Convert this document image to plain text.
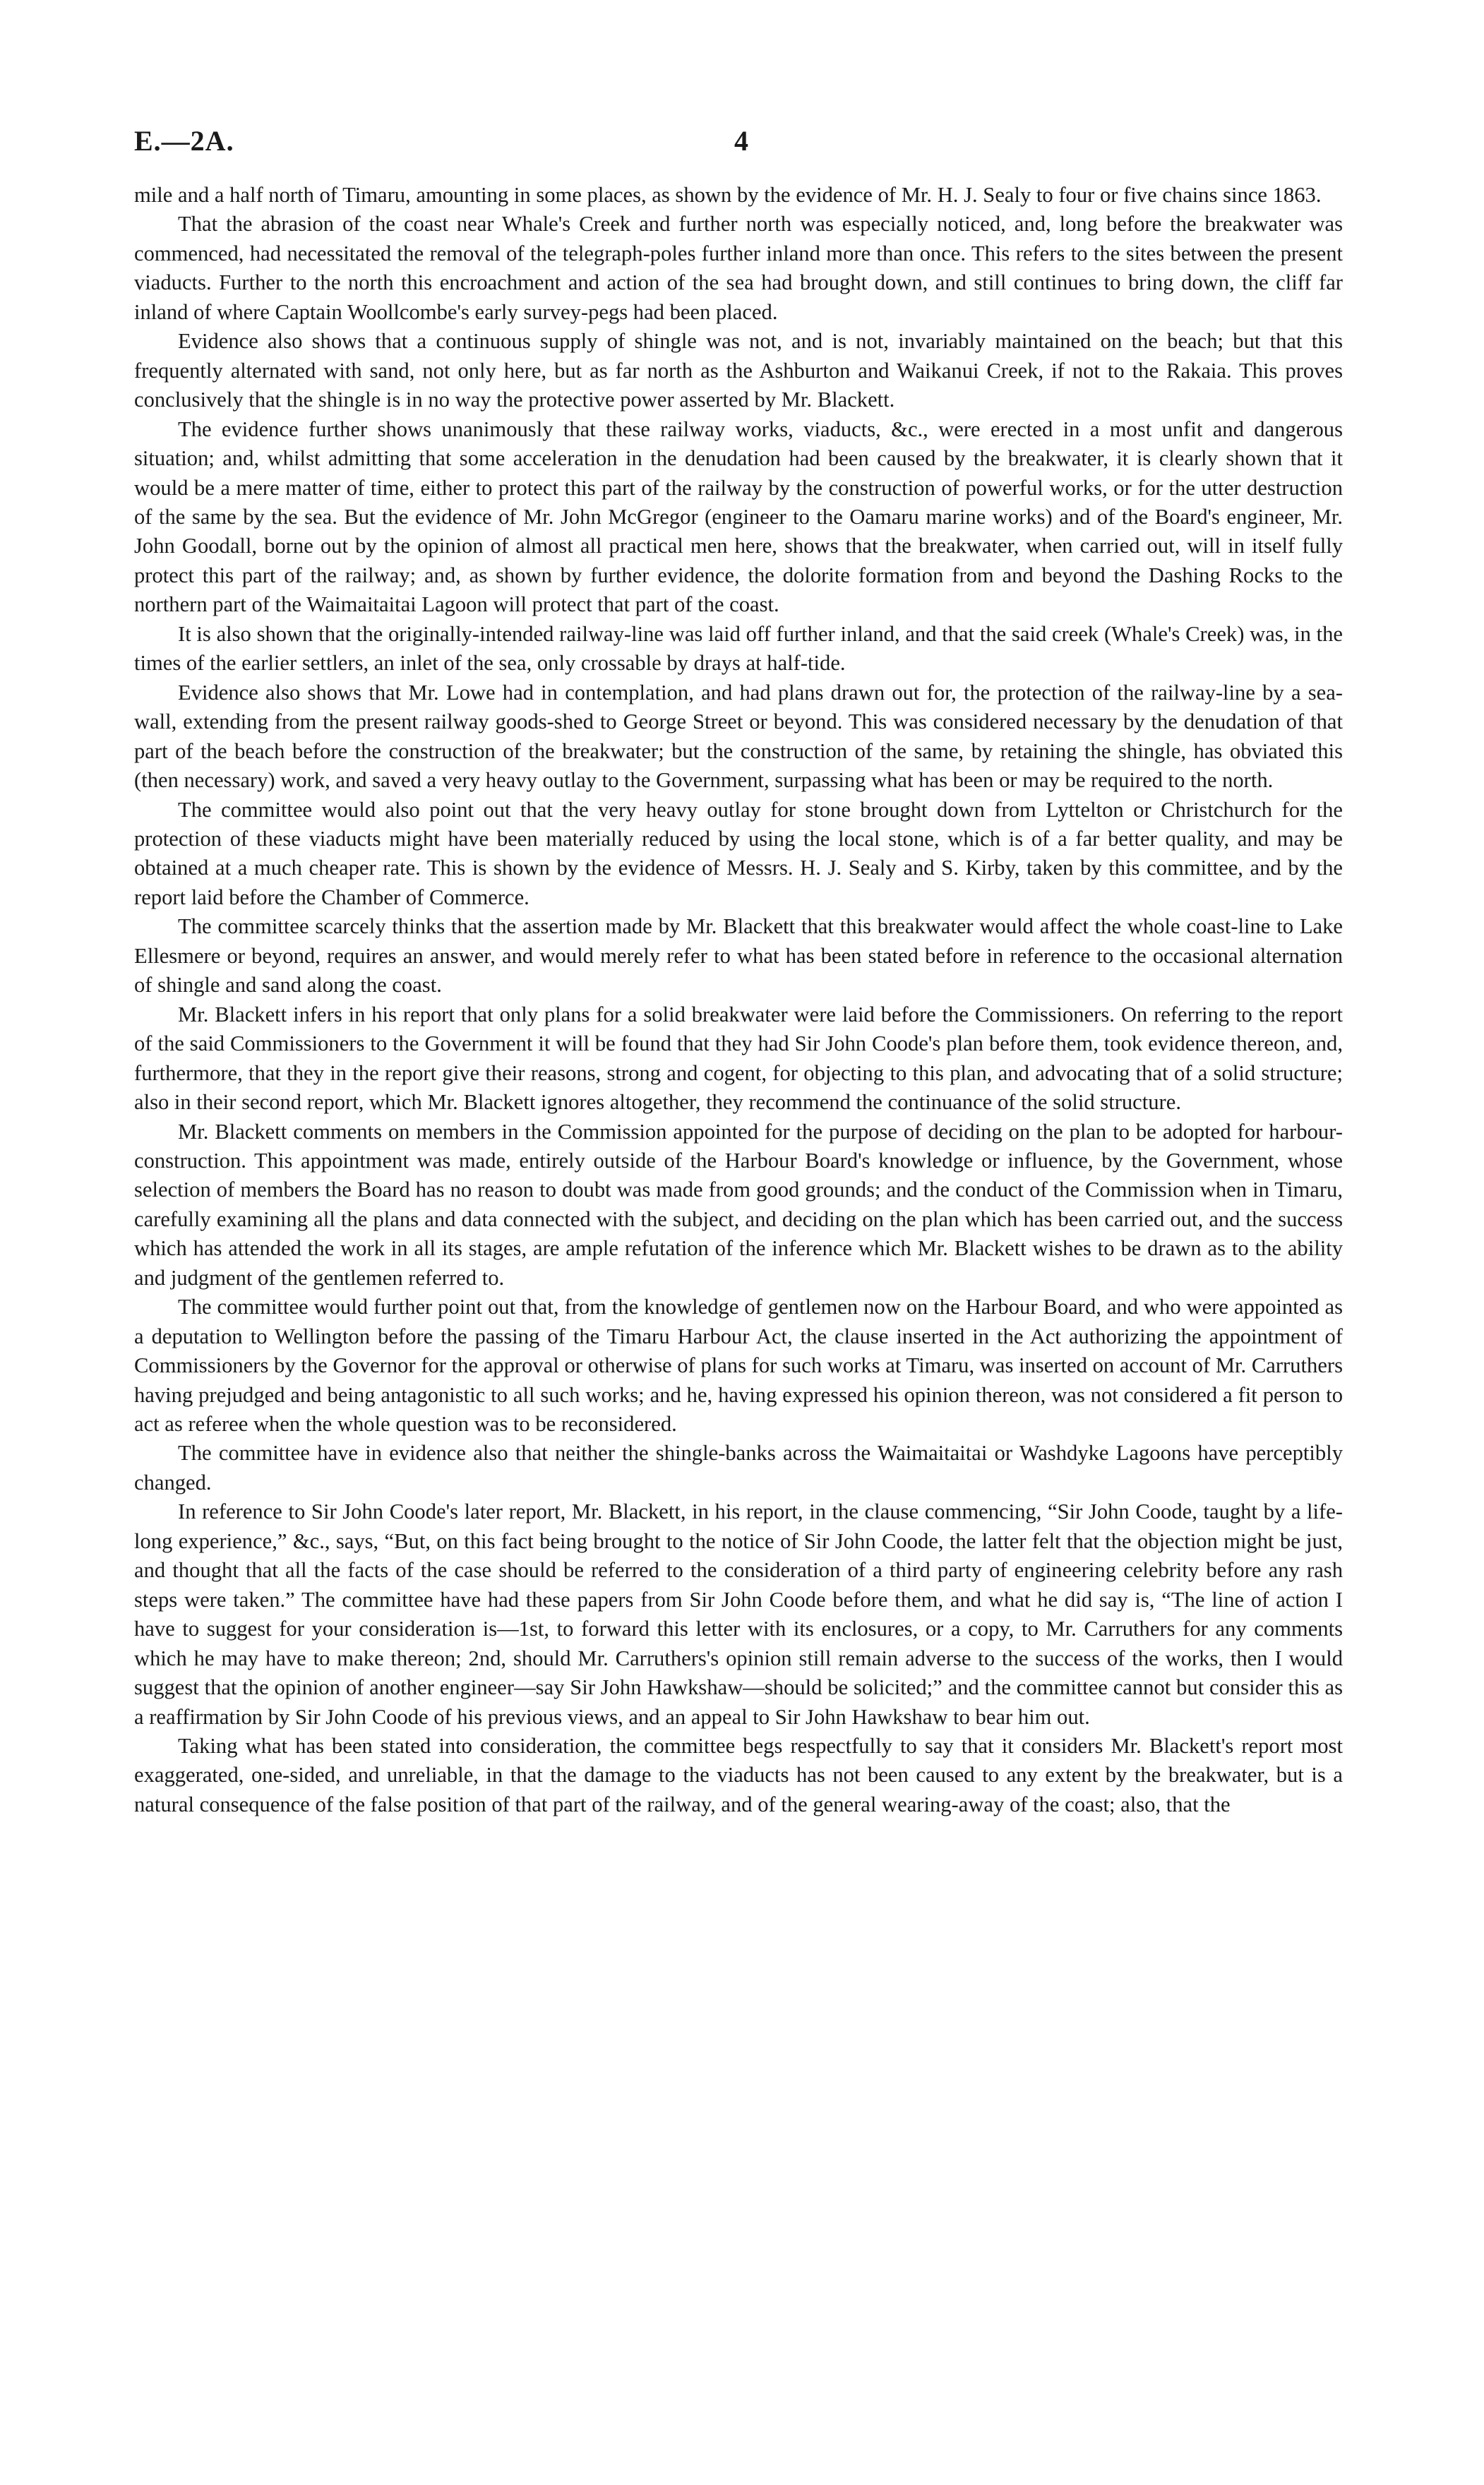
E.—2A.	4

mile and a half north of Timaru, amounting in some places, as shown by the evidence of Mr. H. J. Sealy to four or five chains since 1863.

That the abrasion of the coast near Whale's Creek and further north was especially noticed, and, long before the breakwater was commenced, had necessitated the removal of the telegraph-poles further inland more than once. This refers to the sites between the present viaducts. Further to the north this encroachment and action of the sea had brought down, and still continues to bring down, the cliff far inland of where Captain Woollcombe's early survey-pegs had been placed.

Evidence also shows that a continuous supply of shingle was not, and is not, invariably maintained on the beach; but that this frequently alternated with sand, not only here, but as far north as the Ashburton and Waikanui Creek, if not to the Rakaia. This proves conclusively that the shingle is in no way the protective power asserted by Mr. Blackett.

The evidence further shows unanimously that these railway works, viaducts, &c., were erected in a most unfit and dangerous situation; and, whilst admitting that some acceleration in the denudation had been caused by the breakwater, it is clearly shown that it would be a mere matter of time, either to protect this part of the railway by the construction of powerful works, or for the utter destruction of the same by the sea. But the evidence of Mr. John McGregor (engineer to the Oamaru marine works) and of the Board's engineer, Mr. John Goodall, borne out by the opinion of almost all practical men here, shows that the breakwater, when carried out, will in itself fully protect this part of the railway; and, as shown by further evidence, the dolorite formation from and beyond the Dashing Rocks to the northern part of the Waimaitaitai Lagoon will protect that part of the coast.

It is also shown that the originally-intended railway-line was laid off further inland, and that the said creek (Whale's Creek) was, in the times of the earlier settlers, an inlet of the sea, only crossable by drays at half-tide.

Evidence also shows that Mr. Lowe had in contemplation, and had plans drawn out for, the protection of the railway-line by a sea-wall, extending from the present railway goods-shed to George Street or beyond. This was considered necessary by the denudation of that part of the beach before the construction of the breakwater; but the construction of the same, by retaining the shingle, has obviated this (then necessary) work, and saved a very heavy outlay to the Government, surpassing what has been or may be required to the north.

The committee would also point out that the very heavy outlay for stone brought down from Lyttelton or Christchurch for the protection of these viaducts might have been materially reduced by using the local stone, which is of a far better quality, and may be obtained at a much cheaper rate. This is shown by the evidence of Messrs. H. J. Sealy and S. Kirby, taken by this committee, and by the report laid before the Chamber of Commerce.

The committee scarcely thinks that the assertion made by Mr. Blackett that this breakwater would affect the whole coast-line to Lake Ellesmere or beyond, requires an answer, and would merely refer to what has been stated before in reference to the occasional alternation of shingle and sand along the coast.

Mr. Blackett infers in his report that only plans for a solid breakwater were laid before the Commissioners. On referring to the report of the said Commissioners to the Government it will be found that they had Sir John Coode's plan before them, took evidence thereon, and, furthermore, that they in the report give their reasons, strong and cogent, for objecting to this plan, and advocating that of a solid structure; also in their second report, which Mr. Blackett ignores altogether, they recommend the continuance of the solid structure.

Mr. Blackett comments on members in the Commission appointed for the purpose of deciding on the plan to be adopted for harbour-construction. This appointment was made, entirely outside of the Harbour Board's knowledge or influence, by the Government, whose selection of members the Board has no reason to doubt was made from good grounds; and the conduct of the Commission when in Timaru, carefully examining all the plans and data connected with the subject, and deciding on the plan which has been carried out, and the success which has attended the work in all its stages, are ample refutation of the inference which Mr. Blackett wishes to be drawn as to the ability and judgment of the gentlemen referred to.

The committee would further point out that, from the knowledge of gentlemen now on the Harbour Board, and who were appointed as a deputation to Wellington before the passing of the Timaru Harbour Act, the clause inserted in the Act authorizing the appointment of Commissioners by the Governor for the approval or otherwise of plans for such works at Timaru, was inserted on account of Mr. Carruthers having prejudged and being antagonistic to all such works; and he, having expressed his opinion thereon, was not considered a fit person to act as referee when the whole question was to be reconsidered.

The committee have in evidence also that neither the shingle-banks across the Waimaitaitai or Washdyke Lagoons have perceptibly changed.

In reference to Sir John Coode's later report, Mr. Blackett, in his report, in the clause commencing, “Sir John Coode, taught by a life-long experience,” &c., says, “But, on this fact being brought to the notice of Sir John Coode, the latter felt that the objection might be just, and thought that all the facts of the case should be referred to the consideration of a third party of engineering celebrity before any rash steps were taken.” The committee have had these papers from Sir John Coode before them, and what he did say is, “The line of action I have to suggest for your consideration is—1st, to forward this letter with its enclosures, or a copy, to Mr. Carruthers for any comments which he may have to make thereon; 2nd, should Mr. Carruthers's opinion still remain adverse to the success of the works, then I would suggest that the opinion of another engineer—say Sir John Hawkshaw—should be solicited;” and the committee cannot but consider this as a reaffirmation by Sir John Coode of his previous views, and an appeal to Sir John Hawkshaw to bear him out.

Taking what has been stated into consideration, the committee begs respectfully to say that it considers Mr. Blackett's report most exaggerated, one-sided, and unreliable, in that the damage to the viaducts has not been caused to any extent by the breakwater, but is a natural consequence of the false position of that part of the railway, and of the general wearing-away of the coast; also, that the
